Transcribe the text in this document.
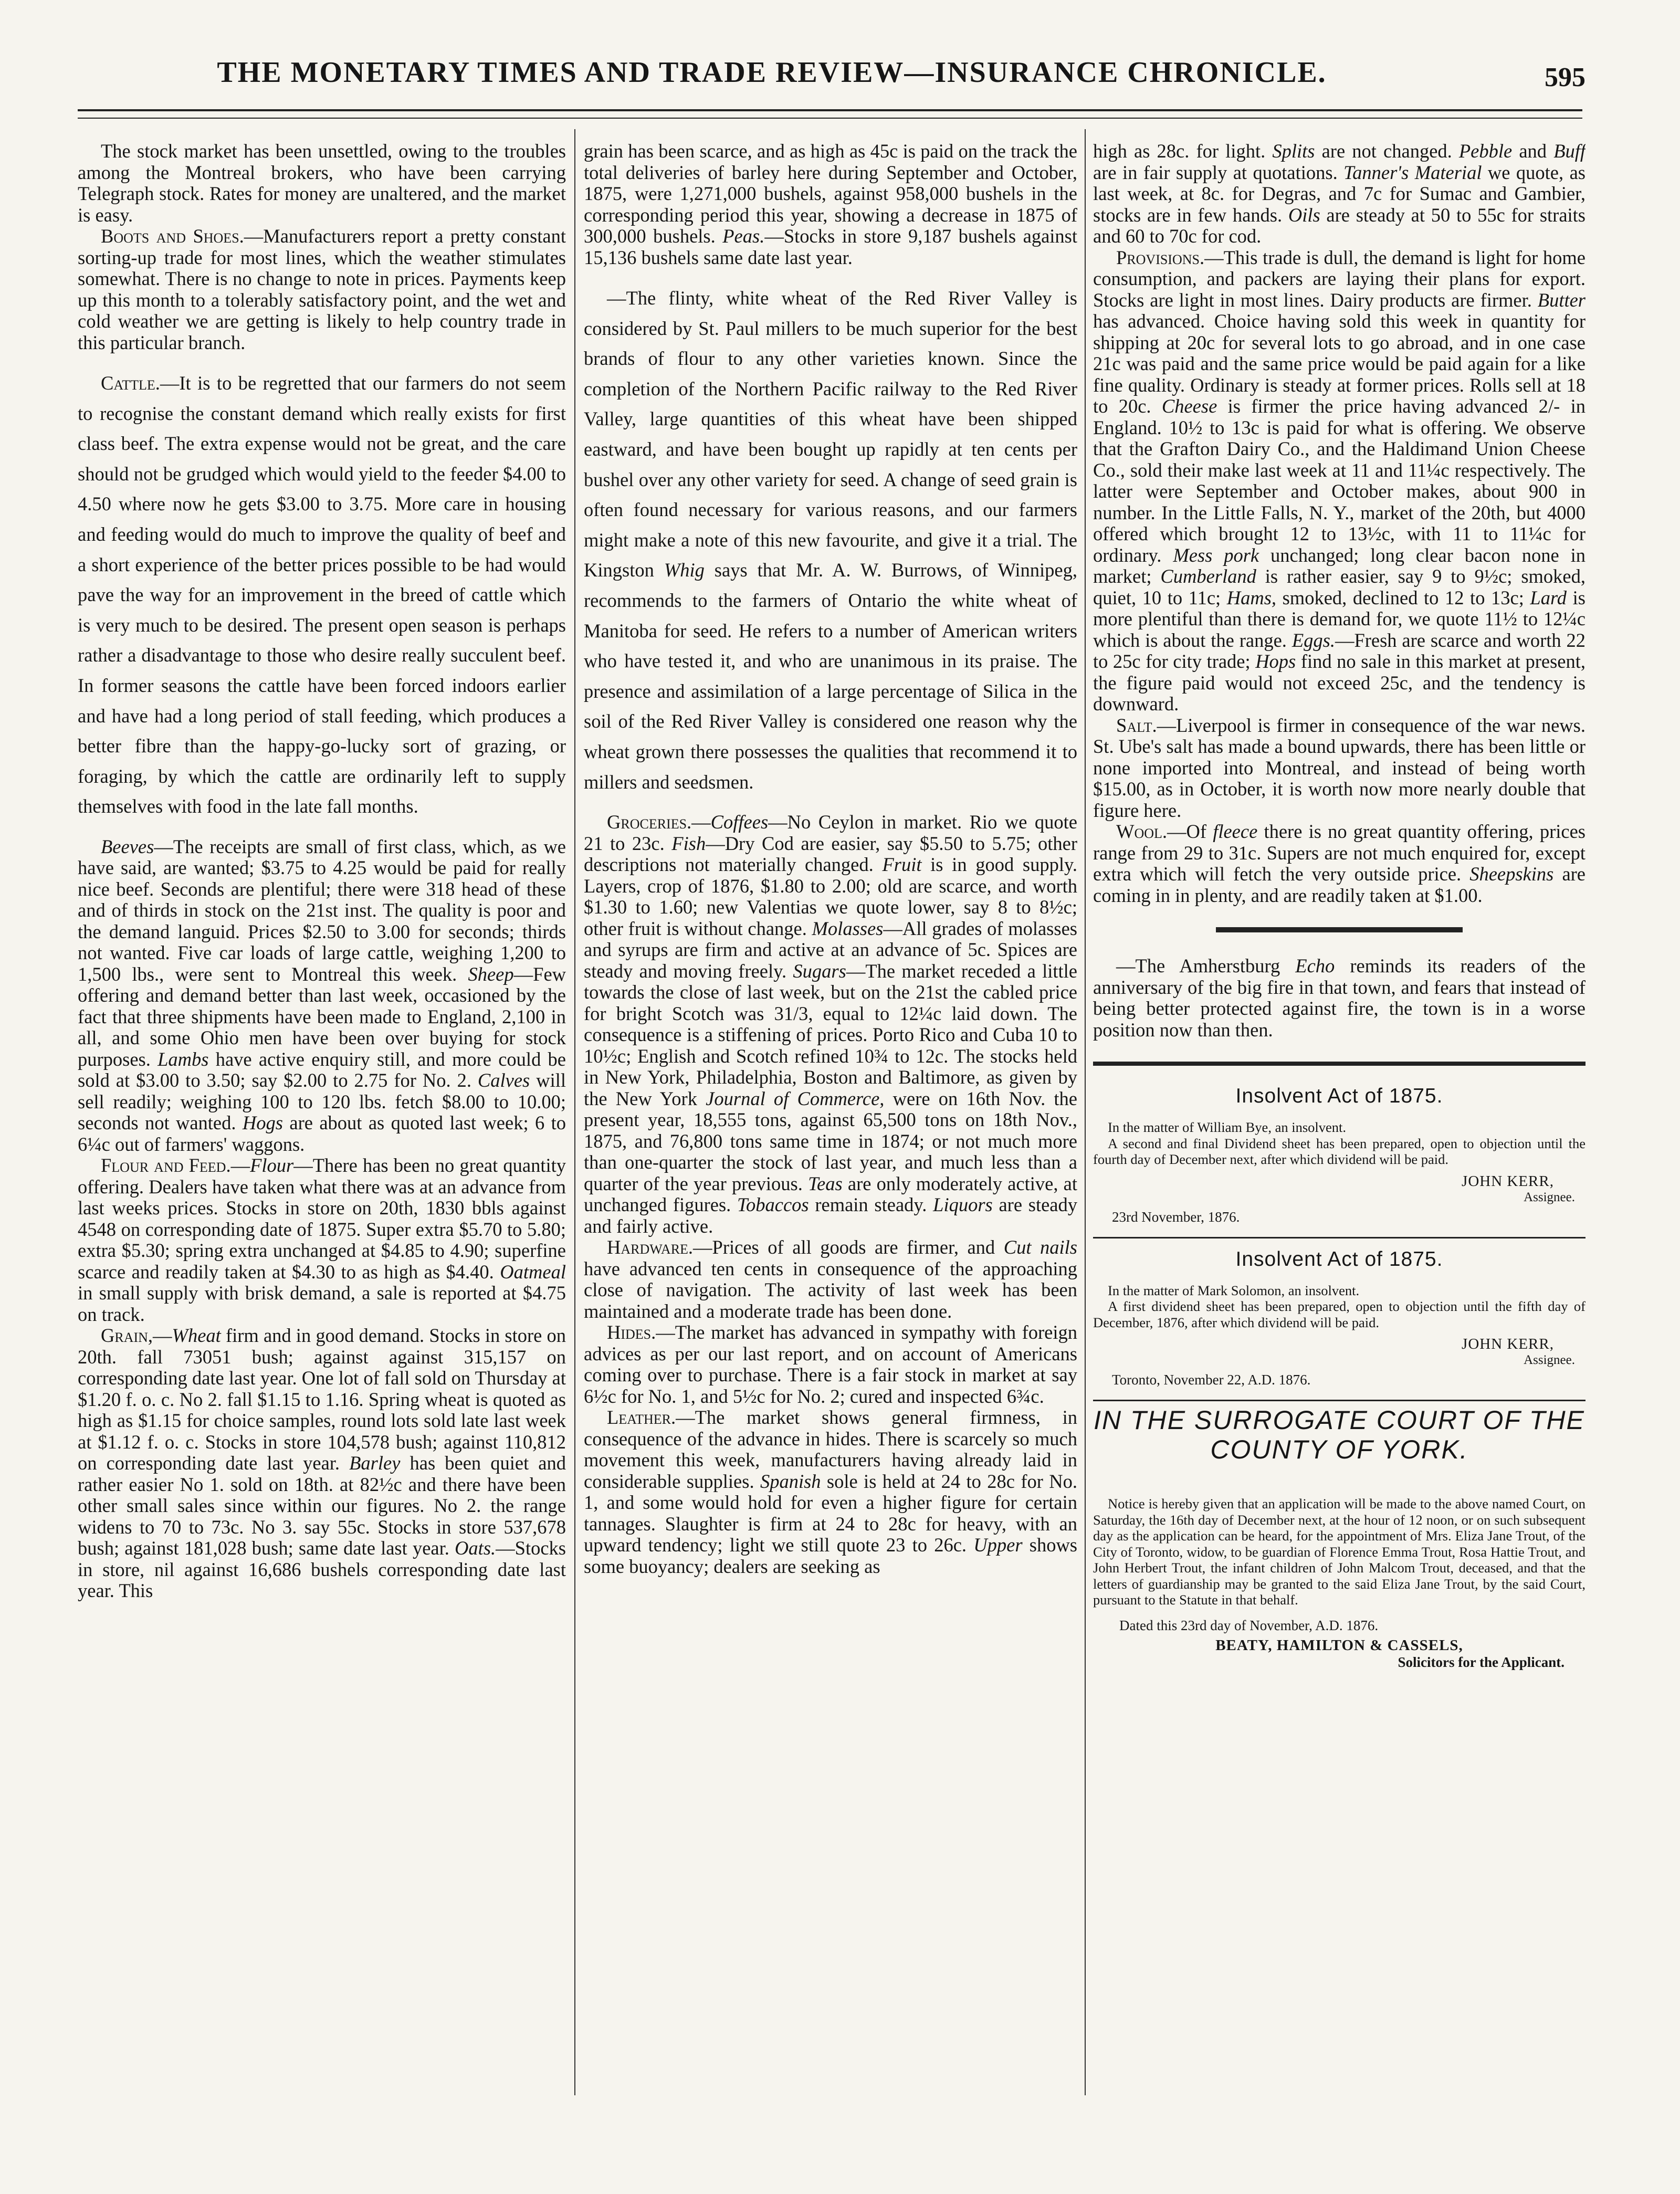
THE MONETARY TIMES AND TRADE REVIEW—INSURANCE CHRONICLE.	595

The stock market has been unsettled, owing to the troubles among the Montreal brokers, who have been carrying Telegraph stock. Rates for money are unaltered, and the market is easy.

Boots and Shoes.—Manufacturers report a pretty constant sorting-up trade for most lines, which the weather stimulates somewhat. There is no change to note in prices. Payments keep up this month to a tolerably satisfactory point, and the wet and cold weather we are getting is likely to help country trade in this particular branch.

Cattle.—It is to be regretted that our farmers do not seem to recognise the constant demand which really exists for first class beef. The extra expense would not be great, and the care should not be grudged which would yield to the feeder $4.00 to 4.50 where now he gets $3.00 to 3.75. More care in housing and feeding would do much to improve the quality of beef and a short experience of the better prices possible to be had would pave the way for an improvement in the breed of cattle which is very much to be desired. The present open season is perhaps rather a disadvantage to those who desire really succulent beef. In former seasons the cattle have been forced indoors earlier and have had a long period of stall feeding, which produces a better fibre than the happy-go-lucky sort of grazing, or foraging, by which the cattle are ordinarily left to supply themselves with food in the late fall months.

Beeves—The receipts are small of first class, which, as we have said, are wanted; $3.75 to 4.25 would be paid for really nice beef. Seconds are plentiful; there were 318 head of these and of thirds in stock on the 21st inst. The quality is poor and the demand languid. Prices $2.50 to 3.00 for seconds; thirds not wanted. Five car loads of large cattle, weighing 1,200 to 1,500 lbs., were sent to Montreal this week. Sheep—Few offering and demand better than last week, occasioned by the fact that three shipments have been made to England, 2,100 in all, and some Ohio men have been over buying for stock purposes. Lambs have active enquiry still, and more could be sold at $3.00 to 3.50; say $2.00 to 2.75 for No. 2. Calves will sell readily; weighing 100 to 120 lbs. fetch $8.00 to 10.00; seconds not wanted. Hogs are about as quoted last week; 6 to 6¼c out of farmers' waggons.

Flour and Feed.—Flour—There has been no great quantity offering. Dealers have taken what there was at an advance from last weeks prices. Stocks in store on 20th, 1830 bbls against 4548 on corresponding date of 1875. Super extra $5.70 to 5.80; extra $5.30; spring extra unchanged at $4.85 to 4.90; superfine scarce and readily taken at $4.30 to as high as $4.40. Oatmeal in small supply with brisk demand, a sale is reported at $4.75 on track.

Grain,—Wheat firm and in good demand. Stocks in store on 20th. fall 73051 bush; against against 315,157 on corresponding date last year. One lot of fall sold on Thursday at $1.20 f. o. c. No 2. fall $1.15 to 1.16. Spring wheat is quoted as high as $1.15 for choice samples, round lots sold late last week at $1.12 f. o. c. Stocks in store 104,578 bush; against 110,812 on corresponding date last year. Barley has been quiet and rather easier No 1. sold on 18th. at 82½c and there have been other small sales since within our figures. No 2. the range widens to 70 to 73c. No 3. say 55c. Stocks in store 537,678 bush; against 181,028 bush; same date last year. Oats.—Stocks in store, nil against 16,686 bushels corresponding date last year. This

grain has been scarce, and as high as 45c is paid on the track the total deliveries of barley here during September and October, 1875, were 1,271,000 bushels, against 958,000 bushels in the corresponding period this year, showing a decrease in 1875 of 300,000 bushels. Peas.—Stocks in store 9,187 bushels against 15,136 bushels same date last year.

—The flinty, white wheat of the Red River Valley is considered by St. Paul millers to be much superior for the best brands of flour to any other varieties known. Since the completion of the Northern Pacific railway to the Red River Valley, large quantities of this wheat have been shipped eastward, and have been bought up rapidly at ten cents per bushel over any other variety for seed. A change of seed grain is often found necessary for various reasons, and our farmers might make a note of this new favourite, and give it a trial. The Kingston Whig says that Mr. A. W. Burrows, of Winnipeg, recommends to the farmers of Ontario the white wheat of Manitoba for seed. He refers to a number of American writers who have tested it, and who are unanimous in its praise. The presence and assimilation of a large percentage of Silica in the soil of the Red River Valley is considered one reason why the wheat grown there possesses the qualities that recommend it to millers and seedsmen.

Groceries.—Coffees—No Ceylon in market. Rio we quote 21 to 23c. Fish—Dry Cod are easier, say $5.50 to 5.75; other descriptions not materially changed. Fruit is in good supply. Layers, crop of 1876, $1.80 to 2.00; old are scarce, and worth $1.30 to 1.60; new Valentias we quote lower, say 8 to 8½c; other fruit is without change. Molasses—All grades of molasses and syrups are firm and active at an advance of 5c. Spices are steady and moving freely. Sugars—The market receded a little towards the close of last week, but on the 21st the cabled price for bright Scotch was 31/3, equal to 12¼c laid down. The consequence is a stiffening of prices. Porto Rico and Cuba 10 to 10½c; English and Scotch refined 10¾ to 12c. The stocks held in New York, Philadelphia, Boston and Baltimore, as given by the New York Journal of Commerce, were on 16th Nov. the present year, 18,555 tons, against 65,500 tons on 18th Nov., 1875, and 76,800 tons same time in 1874; or not much more than one-quarter the stock of last year, and much less than a quarter of the year previous. Teas are only moderately active, at unchanged figures. Tobaccos remain steady. Liquors are steady and fairly active.

Hardware.—Prices of all goods are firmer, and Cut nails have advanced ten cents in consequence of the approaching close of navigation. The activity of last week has been maintained and a moderate trade has been done.

Hides.—The market has advanced in sympathy with foreign advices as per our last report, and on account of Americans coming over to purchase. There is a fair stock in market at say 6½c for No. 1, and 5½c for No. 2; cured and inspected 6¾c.

Leather.—The market shows general firmness, in consequence of the advance in hides. There is scarcely so much movement this week, manufacturers having already laid in considerable supplies. Spanish sole is held at 24 to 28c for No. 1, and some would hold for even a higher figure for certain tannages. Slaughter is firm at 24 to 28c for heavy, with an upward tendency; light we still quote 23 to 26c. Upper shows some buoyancy; dealers are seeking as

high as 28c. for light. Splits are not changed. Pebble and Buff are in fair supply at quotations. Tanner's Material we quote, as last week, at 8c. for Degras, and 7c for Sumac and Gambier, stocks are in few hands. Oils are steady at 50 to 55c for straits and 60 to 70c for cod.

Provisions.—This trade is dull, the demand is light for home consumption, and packers are laying their plans for export. Stocks are light in most lines. Dairy products are firmer. Butter has advanced. Choice having sold this week in quantity for shipping at 20c for several lots to go abroad, and in one case 21c was paid and the same price would be paid again for a like fine quality. Ordinary is steady at former prices. Rolls sell at 18 to 20c. Cheese is firmer the price having advanced 2/- in England. 10½ to 13c is paid for what is offering. We observe that the Grafton Dairy Co., and the Haldimand Union Cheese Co., sold their make last week at 11 and 11¼c respectively. The latter were September and October makes, about 900 in number. In the Little Falls, N. Y., market of the 20th, but 4000 offered which brought 12 to 13½c, with 11 to 11¼c for ordinary. Mess pork unchanged; long clear bacon none in market; Cumberland is rather easier, say 9 to 9½c; smoked, quiet, 10 to 11c; Hams, smoked, declined to 12 to 13c; Lard is more plentiful than there is demand for, we quote 11½ to 12¼c which is about the range. Eggs.—Fresh are scarce and worth 22 to 25c for city trade; Hops find no sale in this market at present, the figure paid would not exceed 25c, and the tendency is downward.

Salt.—Liverpool is firmer in consequence of the war news. St. Ube's salt has made a bound upwards, there has been little or none imported into Montreal, and instead of being worth $15.00, as in October, it is worth now more nearly double that figure here.

Wool.—Of fleece there is no great quantity offering, prices range from 29 to 31c. Supers are not much enquired for, except extra which will fetch the very outside price. Sheepskins are coming in in plenty, and are readily taken at $1.00.

—The Amherstburg Echo reminds its readers of the anniversary of the big fire in that town, and fears that instead of being better protected against fire, the town is in a worse position now than then.

Insolvent Act of 1875.

In the matter of William Bye, an insolvent.

A second and final Dividend sheet has been prepared, open to objection until the fourth day of December next, after which dividend will be paid.

JOHN KERR,

Assignee.

23rd November, 1876.

Insolvent Act of 1875.

In the matter of Mark Solomon, an insolvent.

A first dividend sheet has been prepared, open to objection until the fifth day of December, 1876, after which dividend will be paid.

JOHN KERR,

Assignee.

Toronto, November 22, A.D. 1876.

IN THE SURROGATE COURT OF THE
COUNTY OF YORK.

Notice is hereby given that an application will be made to the above named Court, on Saturday, the 16th day of December next, at the hour of 12 noon, or on such subsequent day as the application can be heard, for the appointment of Mrs. Eliza Jane Trout, of the City of Toronto, widow, to be guardian of Florence Emma Trout, Rosa Hattie Trout, and John Herbert Trout, the infant children of John Malcom Trout, deceased, and that the letters of guardianship may be granted to the said Eliza Jane Trout, by the said Court, pursuant to the Statute in that behalf.

Dated this 23rd day of November, A.D. 1876.

BEATY, HAMILTON & CASSELS,

Solicitors for the Applicant.
